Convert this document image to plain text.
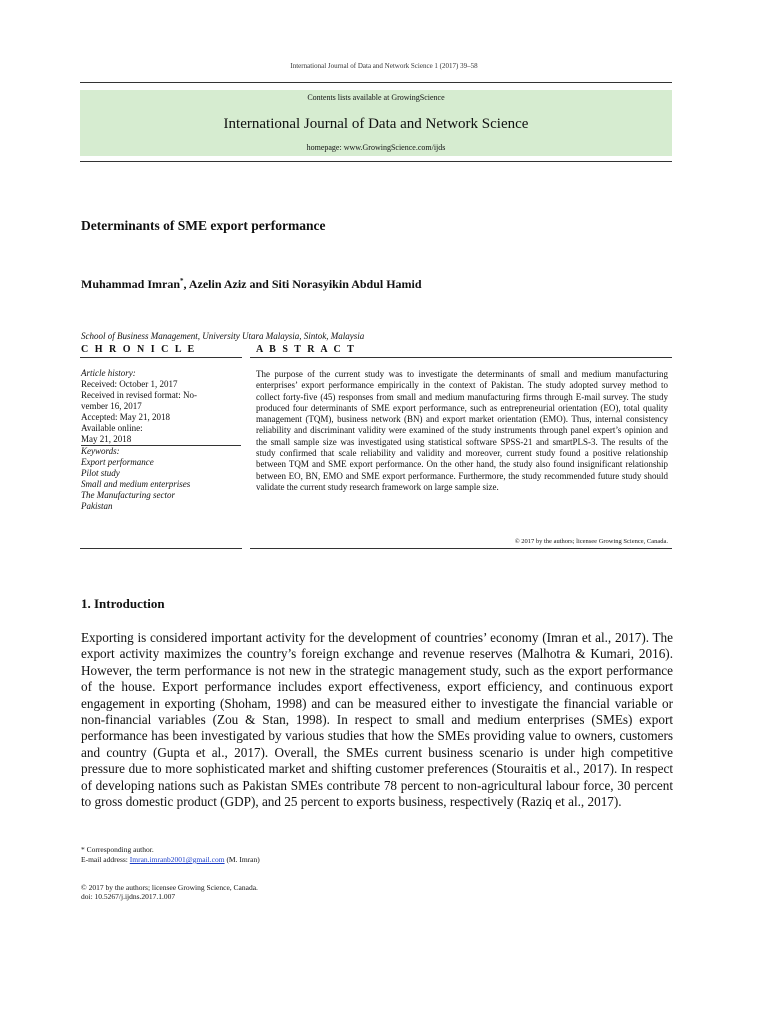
International Journal of Data and Network Science 1 (2017) 39–58
Contents lists available at GrowingScience
International Journal of Data and Network Science
homepage: www.GrowingScience.com/ijds
Determinants of SME export performance
Muhammad Imran*, Azelin Aziz and Siti Norasyikin Abdul Hamid
School of Business Management, University Utara Malaysia, Sintok, Malaysia
C H R O N I C L E	A B S T R A C T
Article history:
Received: October 1, 2017
Received in revised format: No-
vember 16, 2017
Accepted: May 21, 2018
Available online:
May 21, 2018
Keywords:
Export performance
Pilot study
Small and medium enterprises
The Manufacturing sector
Pakistan
The purpose of the current study was to investigate the determinants of small and medium manufacturing enterprises’ export performance empirically in the context of Pakistan. The study adopted survey method to collect forty-five (45) responses from small and medium manufacturing firms through E-mail survey. The study produced four determinants of SME export performance, such as entrepreneurial orientation (EO), total quality management (TQM), business network (BN) and export market orientation (EMO). Thus, internal consistency reliability and discriminant validity were examined of the study instruments through panel expert’s opinion and the small sample size was investigated using statistical software SPSS-21 and smartPLS-3. The results of the study confirmed that scale reliability and validity and moreover, current study found a positive relationship between TQM and SME export performance. On the other hand, the study also found insignificant relationship between EO, BN, EMO and SME export performance. Furthermore, the study recommended future study should validate the current study research framework on large sample size.
© 2017 by the authors; licensee Growing Science, Canada.
1. Introduction
Exporting is considered important activity for the development of countries’ economy (Imran et al., 2017). The export activity maximizes the country’s foreign exchange and revenue reserves (Malhotra & Kumari, 2016). However, the term performance is not new in the strategic management study, such as the export performance of the house. Export performance includes export effectiveness, export efficiency, and continuous export engagement in exporting (Shoham, 1998) and can be measured either to investigate the financial variable or non-financial variables (Zou & Stan, 1998). In respect to small and medium enterprises (SMEs) export performance has been investigated by various studies that how the SMEs providing value to owners, customers and country (Gupta et al., 2017). Overall, the SMEs current business scenario is under high competitive pressure due to more sophisticated market and shifting customer preferences (Stouraitis et al., 2017). In respect of developing nations such as Pakistan SMEs contribute 78 percent to non-agricultural labour force, 30 percent to gross domestic product (GDP), and 25 percent to exports business, respectively (Raziq et al., 2017).
* Corresponding author.
E-mail address: Imran.imranb2001@gmail.com (M. Imran)
© 2017 by the authors; licensee Growing Science, Canada.
doi: 10.5267/j.ijdns.2017.1.007
